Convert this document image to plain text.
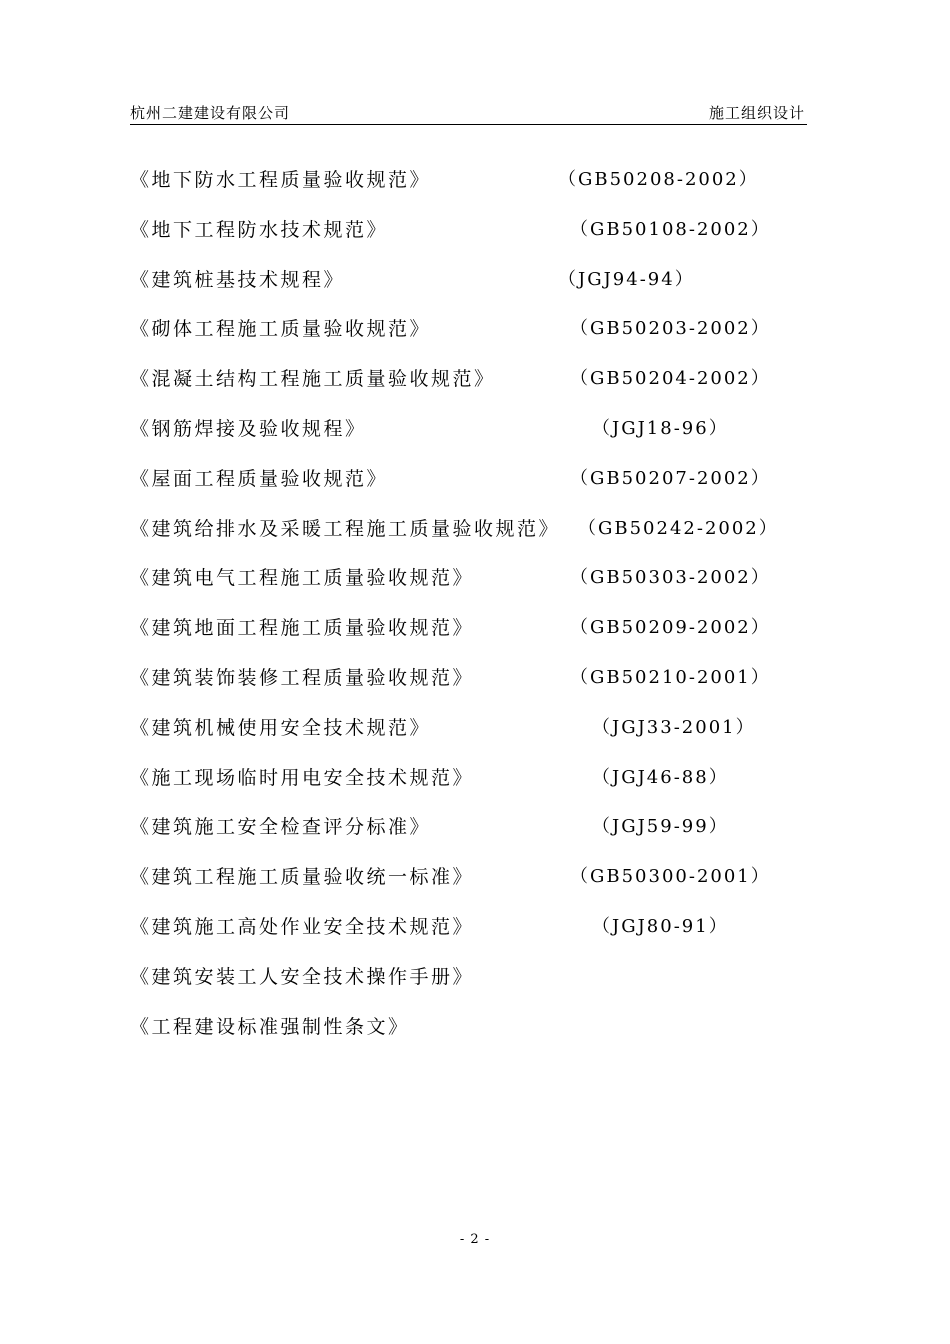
杭州二建建设有限公司	施工组织设计
《地下防水工程质量验收规范》	（GB50208-2002）
《地下工程防水技术规范》	（GB50108-2002）
《建筑桩基技术规程》	（JGJ94-94）
《砌体工程施工质量验收规范》	（GB50203-2002）
《混凝土结构工程施工质量验收规范》	（GB50204-2002）
《钢筋焊接及验收规程》	（JGJ18-96）
《屋面工程质量验收规范》	（GB50207-2002）
《建筑给排水及采暖工程施工质量验收规范》 （GB50242-2002）
《建筑电气工程施工质量验收规范》	（GB50303-2002）
《建筑地面工程施工质量验收规范》	（GB50209-2002）
《建筑装饰装修工程质量验收规范》	（GB50210-2001）
《建筑机械使用安全技术规范》	（JGJ33-2001）
《施工现场临时用电安全技术规范》	（JGJ46-88）
《建筑施工安全检查评分标准》	（JGJ59-99）
《建筑工程施工质量验收统一标准》	（GB50300-2001）
《建筑施工高处作业安全技术规范》	（JGJ80-91）
《建筑安装工人安全技术操作手册》
《工程建设标准强制性条文》
- 2 -
